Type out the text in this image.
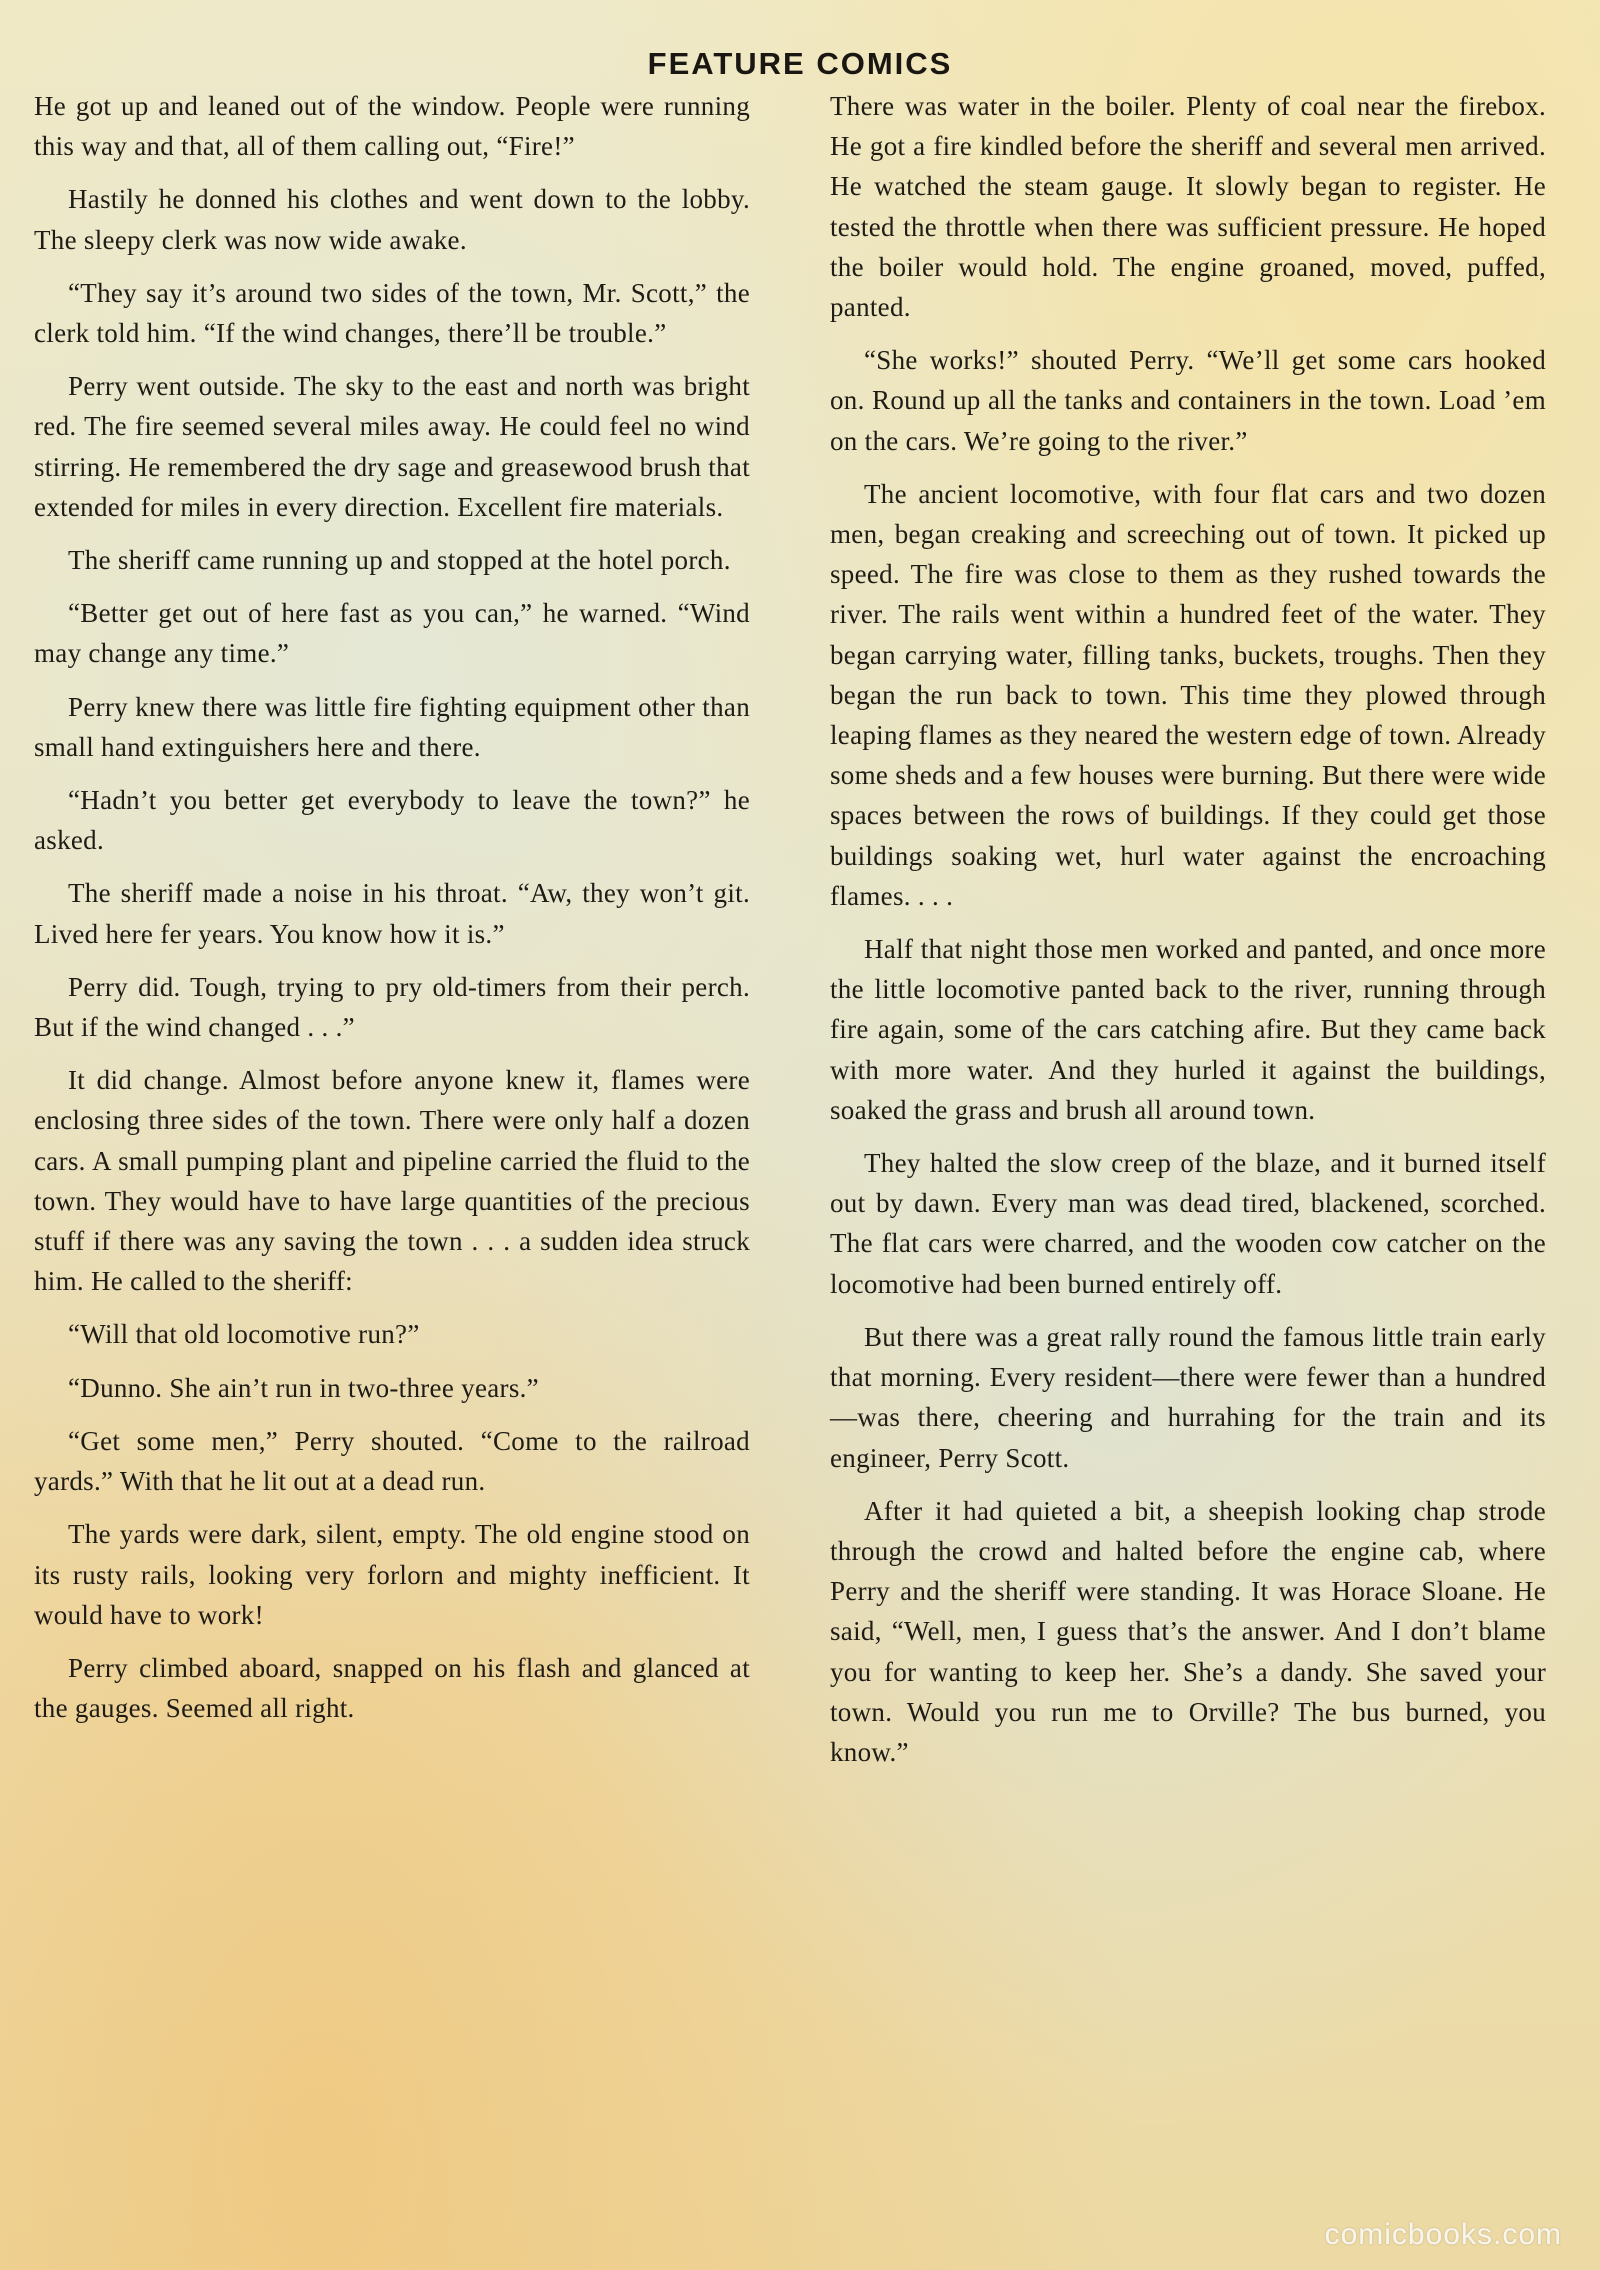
FEATURE COMICS

He got up and leaned out of the window. People were running this way and that, all of them calling out, “Fire!”

Hastily he donned his clothes and went down to the lobby. The sleepy clerk was now wide awake.

“They say it’s around two sides of the town, Mr. Scott,” the clerk told him. “If the wind changes, there’ll be trouble.”

Perry went outside. The sky to the east and north was bright red. The fire seemed several miles away. He could feel no wind stirring. He remembered the dry sage and greasewood brush that extended for miles in every direction. Excellent fire materials.

The sheriff came running up and stopped at the hotel porch.

“Better get out of here fast as you can,” he warned. “Wind may change any time.”

Perry knew there was little fire fighting equipment other than small hand extinguishers here and there.

“Hadn’t you better get everybody to leave the town?” he asked.

The sheriff made a noise in his throat. “Aw, they won’t git. Lived here fer years. You know how it is.”

Perry did. Tough, trying to pry old-timers from their perch. But if the wind changed . . .”

It did change. Almost before anyone knew it, flames were enclosing three sides of the town. There were only half a dozen cars. A small pumping plant and pipeline carried the fluid to the town. They would have to have large quantities of the precious stuff if there was any saving the town . . . a sudden idea struck him. He called to the sheriff:

“Will that old locomotive run?”

“Dunno. She ain’t run in two-three years.”

“Get some men,” Perry shouted. “Come to the railroad yards.” With that he lit out at a dead run.

The yards were dark, silent, empty. The old engine stood on its rusty rails, looking very forlorn and mighty inefficient. It would have to work!

Perry climbed aboard, snapped on his flash and glanced at the gauges. Seemed all right.

There was water in the boiler. Plenty of coal near the firebox. He got a fire kindled before the sheriff and several men arrived. He watched the steam gauge. It slowly began to register. He tested the throttle when there was sufficient pressure. He hoped the boiler would hold. The engine groaned, moved, puffed, panted.

“She works!” shouted Perry. “We’ll get some cars hooked on. Round up all the tanks and containers in the town. Load ’em on the cars. We’re going to the river.”

The ancient locomotive, with four flat cars and two dozen men, began creaking and screeching out of town. It picked up speed. The fire was close to them as they rushed towards the river. The rails went within a hundred feet of the water. They began carrying water, filling tanks, buckets, troughs. Then they began the run back to town. This time they plowed through leaping flames as they neared the western edge of town. Already some sheds and a few houses were burning. But there were wide spaces between the rows of buildings. If they could get those buildings soaking wet, hurl water against the encroaching flames. . . .

Half that night those men worked and panted, and once more the little locomotive panted back to the river, running through fire again, some of the cars catching afire. But they came back with more water. And they hurled it against the buildings, soaked the grass and brush all around town.

They halted the slow creep of the blaze, and it burned itself out by dawn. Every man was dead tired, blackened, scorched. The flat cars were charred, and the wooden cow catcher on the locomotive had been burned entirely off.

But there was a great rally round the famous little train early that morning. Every resident—there were fewer than a hundred—was there, cheering and hurrahing for the train and its engineer, Perry Scott.

After it had quieted a bit, a sheepish looking chap strode through the crowd and halted before the engine cab, where Perry and the sheriff were standing. It was Horace Sloane. He said, “Well, men, I guess that’s the answer. And I don’t blame you for wanting to keep her. She’s a dandy. She saved your town. Would you run me to Orville? The bus burned, you know.”

comicbooks.com
